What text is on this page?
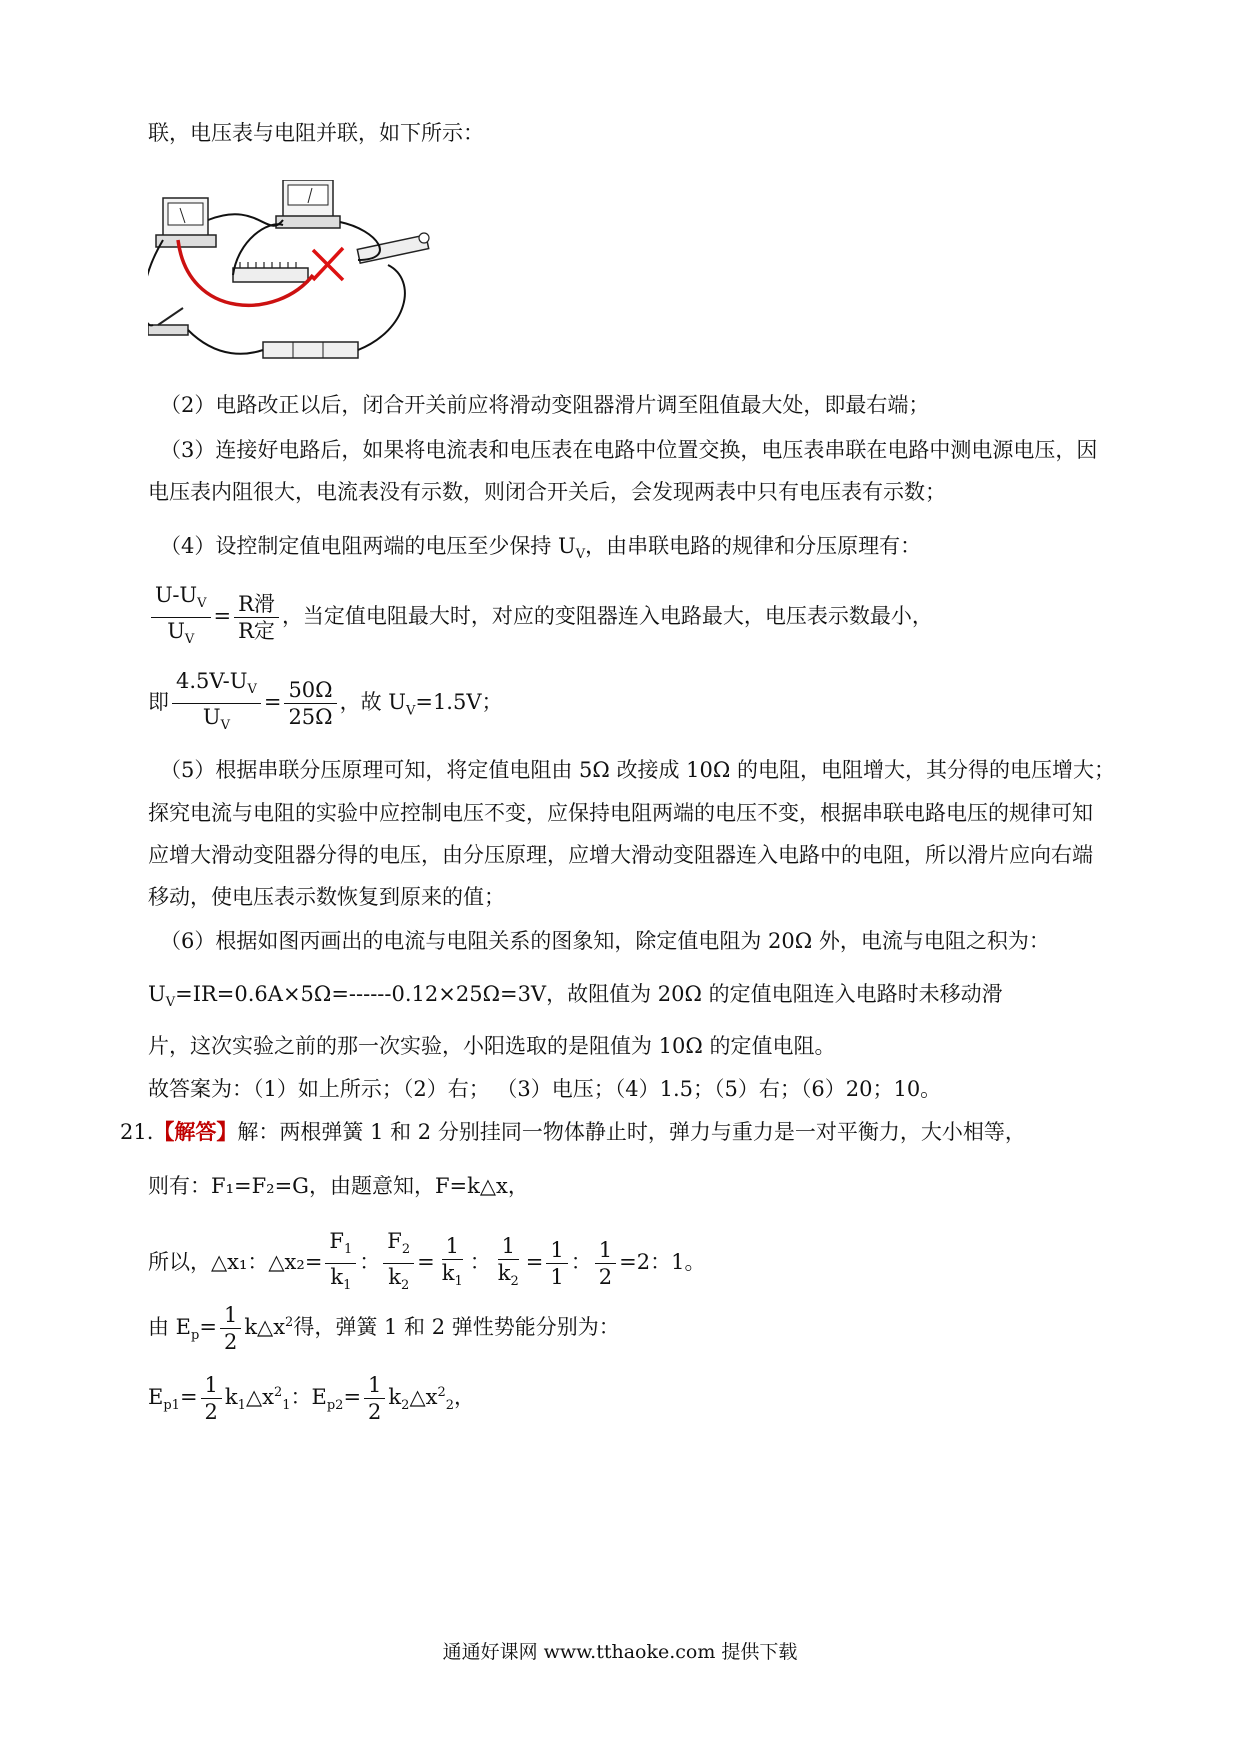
联，电压表与电阻并联，如下所示：
（2）电路改正以后，闭合开关前应将滑动变阻器滑片调至阻值最大处，即最右端；
（3）连接好电路后，如果将电流表和电压表在电路中位置交换，电压表串联在电路中测电源电压，因
电压表内阻很大，电流表没有示数，则闭合开关后，会发现两表中只有电压表有示数；
（4）设控制定值电阻两端的电压至少保持 $U_V$，由串联电路的规律和分压原理有：
$\frac{U-U_V}{U_V} = \frac{\text{R滑}}{\text{R定}}$ ，当定值电阻最大时，对应的变阻器连入电路最大，电压表示数最小，
即 $\frac{4.5V-U_V}{U_V} = \frac{50\Omega}{25\Omega}$ ，故 $U_V=1.5V$；
（5）根据串联分压原理可知，将定值电阻由 5Ω 改接成 10Ω 的电阻，电阻增大，其分得的电压增大；
探究电流与电阻的实验中应控制电压不变，应保持电阻两端的电压不变，根据串联电路电压的规律可知
应增大滑动变阻器分得的电压，由分压原理，应增大滑动变阻器连入电路中的电阻，所以滑片应向右端
移动，使电压表示数恢复到原来的值；
（6）根据如图丙画出的电流与电阻关系的图象知，除定值电阻为 20Ω 外，电流与电阻之积为：
$U_V=IR=0.6A\times 5\Omega=------0.12\times 25\Omega=3V$，故阻值为 20Ω 的定值电阻连入电路时未移动滑
片，这次实验之前的那一次实验，小阳选取的是阻值为 10Ω 的定值电阻。
故答案为：（1）如上所示；（2）右； （3）电压；（4）1.5；（5）右；（6）20；10。
21.【解答】解：两根弹簧 1 和 2 分别挂同一物体静止时，弹力与重力是一对平衡力，大小相等，
则有：F₁=F₂=G，由题意知，F=k△x，
所以，△x₁：△x₂= $\frac{F_1}{k_1}$ ： $\frac{F_2}{k_2} = \frac{1}{k_1}$ ： $\frac{1}{k_2} = \frac{1}{1}$ ： $\frac{1}{2} =2$：1。
由 $E_p= \frac{1}{2}$ $k\triangle x^2$得，弹簧 1 和 2 弹性势能分别为：
$E_{p1}= \frac{1}{2}$ $k_1\triangle x^2_1$：$E_{p2}= \frac{1}{2}$ $k_2\triangle x^2_2$，
通通好课网 www.tthaoke.com 提供下载
